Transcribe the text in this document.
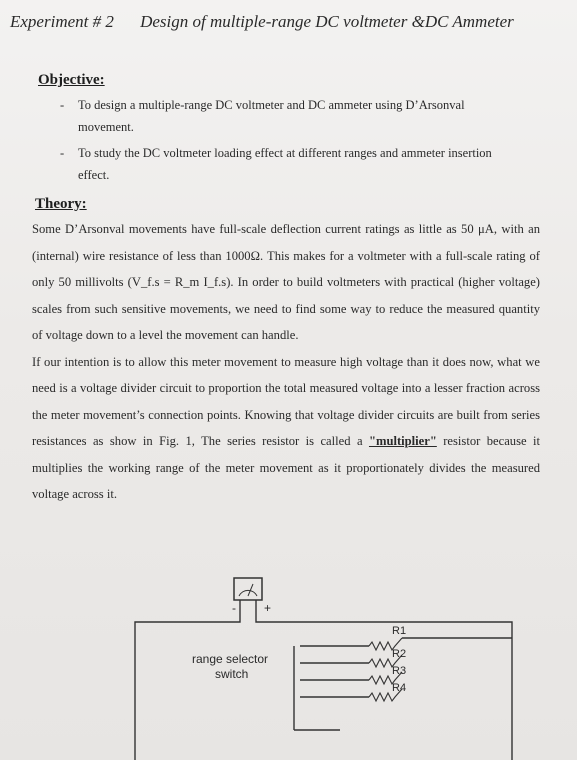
Experiment # 2 Design of multiple-range DC voltmeter &DC Ammeter
Objective:
- To design a multiple-range DC voltmeter and DC ammeter using D’Arsonval movement.
- To study the DC voltmeter loading effect at different ranges and ammeter insertion effect.
Theory:

Some D’Arsonval movements have full-scale deflection current ratings as little as 50 μA, with an (internal) wire resistance of less than 1000Ω. This makes for a voltmeter with a full-scale rating of only 50 millivolts (V_f.s = R_m I_f.s). In order to build voltmeters with practical (higher voltage) scales from such sensitive movements, we need to find some way to reduce the measured quantity of voltage down to a level the movement can handle.

If our intention is to allow this meter movement to measure high voltage than it does now, what we need is a voltage divider circuit to proportion the total measured voltage into a lesser fraction across the meter movement’s connection points. Knowing that voltage divider circuits are built from series resistances as show in Fig. 1, The series resistor is called a "multiplier" resistor because it multiplies the working range of the meter movement as it proportionately divides the measured voltage across it.

- +
R1
R2
R3
R4
range selector
switch
